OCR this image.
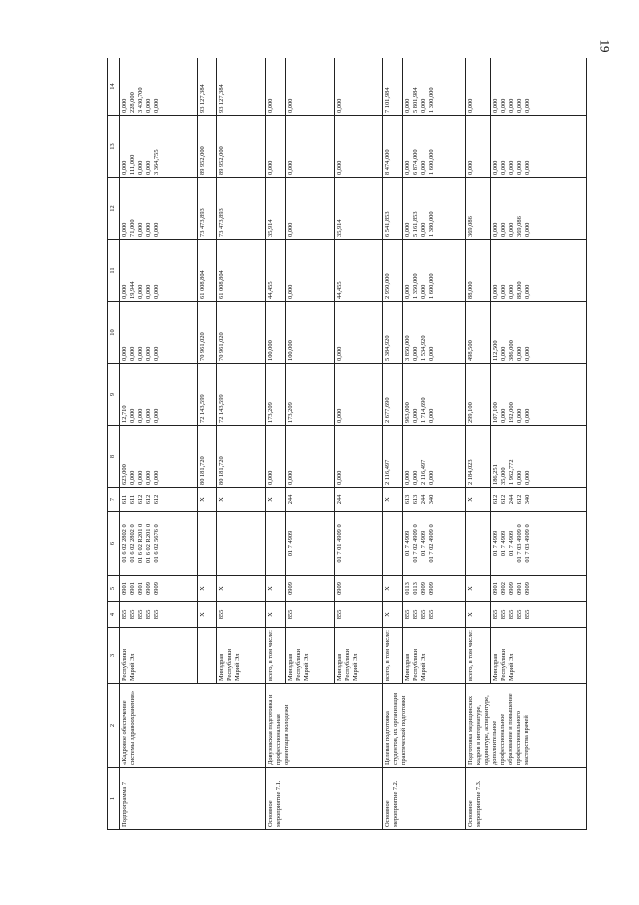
19
1	2	3	4	5	6	7	8	9	10	11	12	13	14
Подпрограмма 7	«Кадровое обеспечение системы здравоохранения»	Республики Марий Эл	855 855 855 855 855	0901 0901 0901 0909 0909	01 6 02 2802 0 01 6 02 2802 0 01 6 02 R201 0 01 6 02 R201 0 01 6 02 5676 0	611 611 612 612 612	623,000 0,000 0,000 0,000 0,000	12,710 0,000 0,000 0,000 0,000	0,000 0,000 0,000 0,000 0,000	0,000 19,944 0,000 0,000 0,000	0,000 71,000 0,000 0,000 0,000	0,000 111,000 0,000 0,000 3 364,755	0,000 228,000 3 430,700 0,000 0,000

			X	X		X	80 181,720	72 143,599	70 961,020	61 008,804	73 473,893	89 952,000	93 127,384

		Минздрав Республики Марий Эл	855	X		X	80 181,720	72 143,599	70 961,020	61 008,804	73 473,893	89 952,000	93 127,384

Основное мероприятие 7.1.	Довузовская подготовка и профессиональная ориентация молодежи	всего, в том числе:	X	X		X	0,000	173,209	100,000	44,455	35,914	0,000	0,000

		Минздрав Республики Марий Эл	855	0909	01 7 4909	244	0,000	173,209	100,000	0,000	0,000	0,000	0,000

		Минздрав Республики Марий Эл	855	0909	01 7 01 4909 0	244	0,000	0,000	0,000	44,455	35,914	0,000	0,000

Основное мероприятие 7.2.	Целевая подготовка студентов, их организация практической подготовки	всего, в том числе:	X	X		X	2 116,497	2 677,690	5 384,920	2 950,000	6 541,853	8 474,000	7 101,984

		Минздрав Республики Марий Эл	855 855 855 855	0113 0113 0909 0909	01 7 4909 01 7 02 4909 0 01 7 4909 01 7 02 4909 0	613 613 244 340	0,000 0,000 2 116,497 0,000	963,000 0,000 1 714,690 0,000	3 850,000 0,000 1 534,920 0,000	0,000 1 350,000 0,000 1 600,000	0,000 5 161,853 0,000 1 380,000	0,000 6 874,000 0,000 1 600,000	0,000 5 801,984 0,000 1 300,000

Основное мероприятие 7.3.	Подготовка медицинских кадров в интернатуре, ординатуре, аспирантуре, дополнительное профессиональное образование и повышение профессионального мастерства врачей	всего, в том числе:	X	X		X	2 184,023	299,100	498,500	88,000	369,086	0,000	0,000

		Минздрав Республики Марий Эл	855 855 855 855 855	0901 0902 0909 0901 0909	01 7 4909 01 7 4909 01 7 4909 01 7 03 4909 0 01 7 03 4909 0	612 612 244 612 340	186,251 35,000 1 962,772 0,000 0,000	107,100 0,000 192,000 0,000 0,000	112,500 0,000 386,000 0,000 0,000	0,000 0,000 0,000 88,000 0,000	0,000 0,000 0,000 369,086 0,000	0,000 0,000 0,000 0,000 0,000	0,000 0,000 0,000 0,000 0,000
